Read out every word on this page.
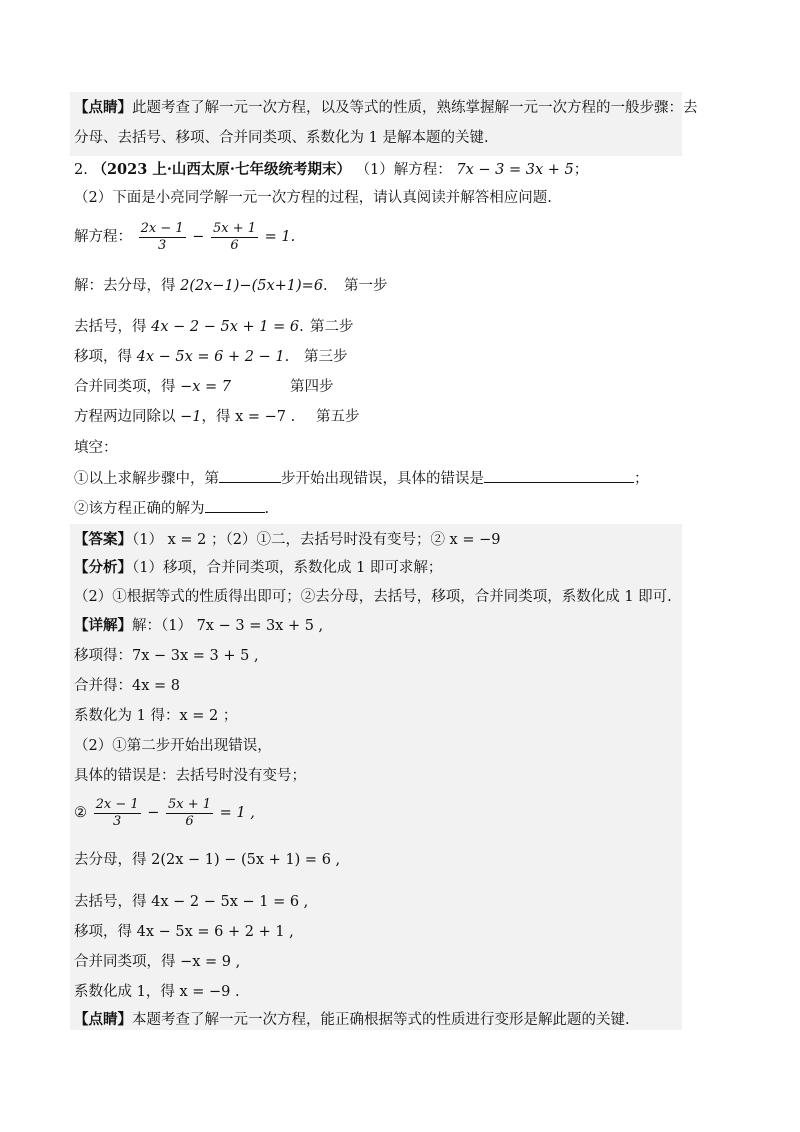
【点睛】此题考查了解一元一次方程，以及等式的性质，熟练掌握解一元一次方程的一般步骤：去
分母、去括号、移项、合并同类项、系数化为 1 是解本题的关键.
2. （2023 上·山西太原·七年级统考期末） （1）解方程： 7x − 3 = 3x + 5；
（2）下面是小亮同学解一元一次方程的过程，请认真阅读并解答相应问题.
解方程： $\frac{2x - 1}{3} - \frac{5x + 1}{6} = 1$.
解：去分母，得 2(2x−1)−(5x+1)=6. 第一步
去括号，得 4x − 2 − 5x + 1 = 6. 第二步
移项，得 4x − 5x = 6 + 2 − 1. 第三步
合并同类项，得 −x = 7	第四步
方程两边同除以 −1，得 x = −7 . 第五步
填空：
①以上求解步骤中，第	步开始出现错误，具体的错误是	；
②该方程正确的解为	.
【答案】（1） x = 2 ；（2）①二，去括号时没有变号；② x = −9
【分析】（1）移项，合并同类项，系数化成 1 即可求解；
（2）①根据等式的性质得出即可；②去分母，去括号，移项，合并同类项，系数化成 1 即可.
【详解】解：（1） 7x − 3 = 3x + 5 ,
移项得：7x − 3x = 3 + 5 ,
合并得：4x = 8
系数化为 1 得：x = 2 ；
（2）①第二步开始出现错误，
具体的错误是：去括号时没有变号；
② $\frac{2x - 1}{3} - \frac{5x + 1}{6} = 1$ ,
去分母，得 2(2x − 1) − (5x + 1) = 6 ,
去括号，得 4x − 2 − 5x − 1 = 6 ,
移项，得 4x − 5x = 6 + 2 + 1 ,
合并同类项，得 −x = 9 ,
系数化成 1，得 x = −9 .
【点睛】本题考查了解一元一次方程，能正确根据等式的性质进行变形是解此题的关键.
